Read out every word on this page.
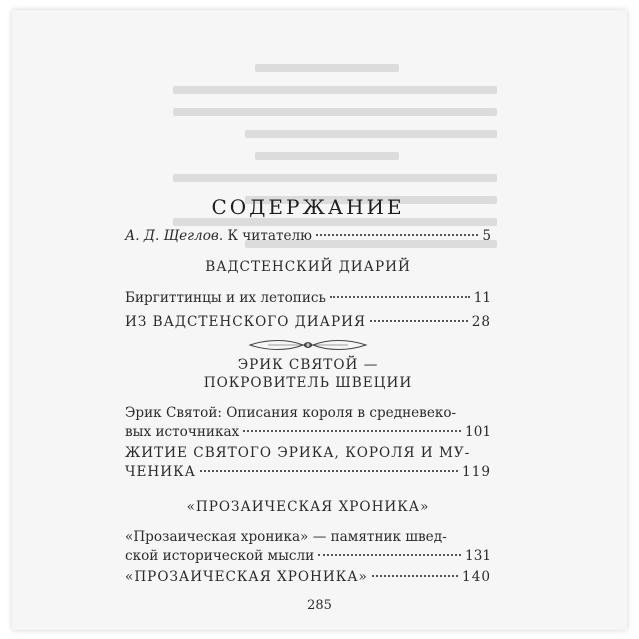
СОДЕРЖАНИЕ
А. Д. Щеглов. К читателю	5
ВАДСТЕНСКИЙ ДИАРИЙ
Биргиттинцы и их летопись	11
ИЗ ВАДСТЕНСКОГО ДИАРИЯ	28
ЭРИК СВЯТОЙ —
ПОКРОВИТЕЛЬ ШВЕЦИИ
Эрик Святой: Описания короля в средневеко-
вых источниках	101
ЖИТИЕ СВЯТОГО ЭРИКА, КОРОЛЯ И МУ-
ЧЕНИКА	119
«ПРОЗАИЧЕСКАЯ ХРОНИКА»
«Прозаическая хроника» — памятник швед-
ской исторической мысли	131
«ПРОЗАИЧЕСКАЯ ХРОНИКА»	140
285
